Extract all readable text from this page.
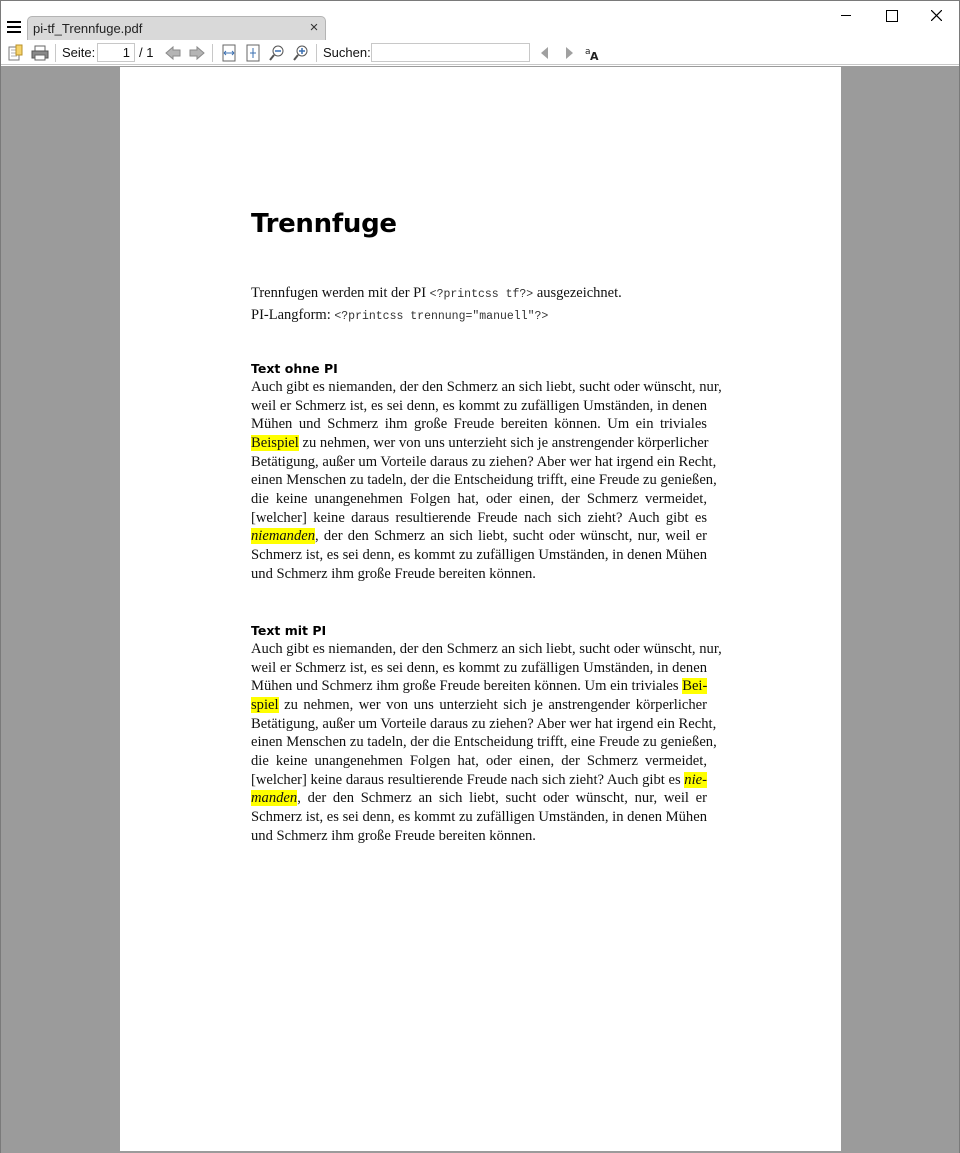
pi-tf_Trennfuge.pdf	×
Seite:	1 / 1	Suchen:	a A
Trennfuge
Trennfugen werden mit der PI <?printcss tf?> ausgezeichnet.
PI-Langform: <?printcss trennung="manuell"?>
Text ohne PI
Auch gibt es niemanden, der den Schmerz an sich liebt, sucht oder wünscht, nur,
weil er Schmerz ist, es sei denn, es kommt zu zufälligen Umständen, in denen
Mühen und Schmerz ihm große Freude bereiten können. Um ein triviales
Beispiel zu nehmen, wer von uns unterzieht sich je anstrengender körperlicher
Betätigung, außer um Vorteile daraus zu ziehen? Aber wer hat irgend ein Recht,
einen Menschen zu tadeln, der die Entscheidung trifft, eine Freude zu genießen,
die keine unangenehmen Folgen hat, oder einen, der Schmerz vermeidet,
[welcher] keine daraus resultierende Freude nach sich zieht? Auch gibt es
niemanden, der den Schmerz an sich liebt, sucht oder wünscht, nur, weil er
Schmerz ist, es sei denn, es kommt zu zufälligen Umständen, in denen Mühen
und Schmerz ihm große Freude bereiten können.
Text mit PI
Auch gibt es niemanden, der den Schmerz an sich liebt, sucht oder wünscht, nur,
weil er Schmerz ist, es sei denn, es kommt zu zufälligen Umständen, in denen
Mühen und Schmerz ihm große Freude bereiten können. Um ein triviales Bei-
spiel zu nehmen, wer von uns unterzieht sich je anstrengender körperlicher
Betätigung, außer um Vorteile daraus zu ziehen? Aber wer hat irgend ein Recht,
einen Menschen zu tadeln, der die Entscheidung trifft, eine Freude zu genießen,
die keine unangenehmen Folgen hat, oder einen, der Schmerz vermeidet,
[welcher] keine daraus resultierende Freude nach sich zieht? Auch gibt es nie-
manden, der den Schmerz an sich liebt, sucht oder wünscht, nur, weil er
Schmerz ist, es sei denn, es kommt zu zufälligen Umständen, in denen Mühen
und Schmerz ihm große Freude bereiten können.
